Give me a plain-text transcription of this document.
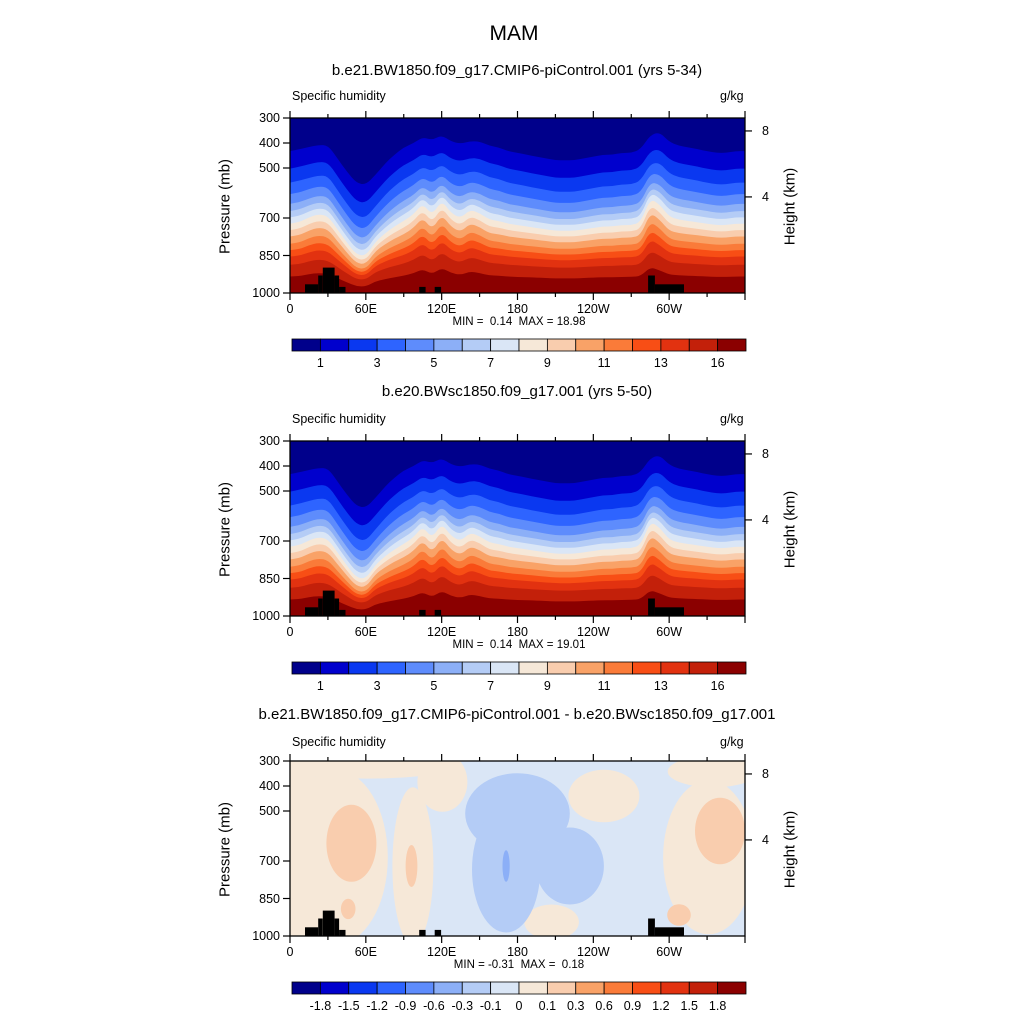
MAM
b.e21.BW1850.f09_g17.CMIP6-piControl.001 (yrs 5-34)
Specific humidity	g/kg
MIN =  0.14  MAX = 18.98
b.e20.BWsc1850.f09_g17.001 (yrs 5-50)
Specific humidity	g/kg
MIN =  0.14  MAX = 19.01
b.e21.BW1850.f09_g17.CMIP6-piControl.001 - b.e20.BWsc1850.f09_g17.001
Specific humidity	g/kg
MIN = -0.31  MAX =  0.18
Pressure (mb)
Pressure (mb)
Pressure (mb)
Height (km)
Height (km)
Height (km)
300
400
500
700
850
1000
8
4
0	60E	120E	180	120W	60W
1	3	5	7	9	11	13	16
300
400
500
700
850
1000
8
4
0	60E	120E	180	120W	60W
1	3	5	7	9	11	13	16
300
400
500
700
850
1000
8
4
0	60E	120E	180	120W	60W
-1.8 -1.5 -1.2 -0.9 -0.6 -0.3 -0.1 0 0.1 0.3 0.6 0.9 1.2 1.5 1.8
